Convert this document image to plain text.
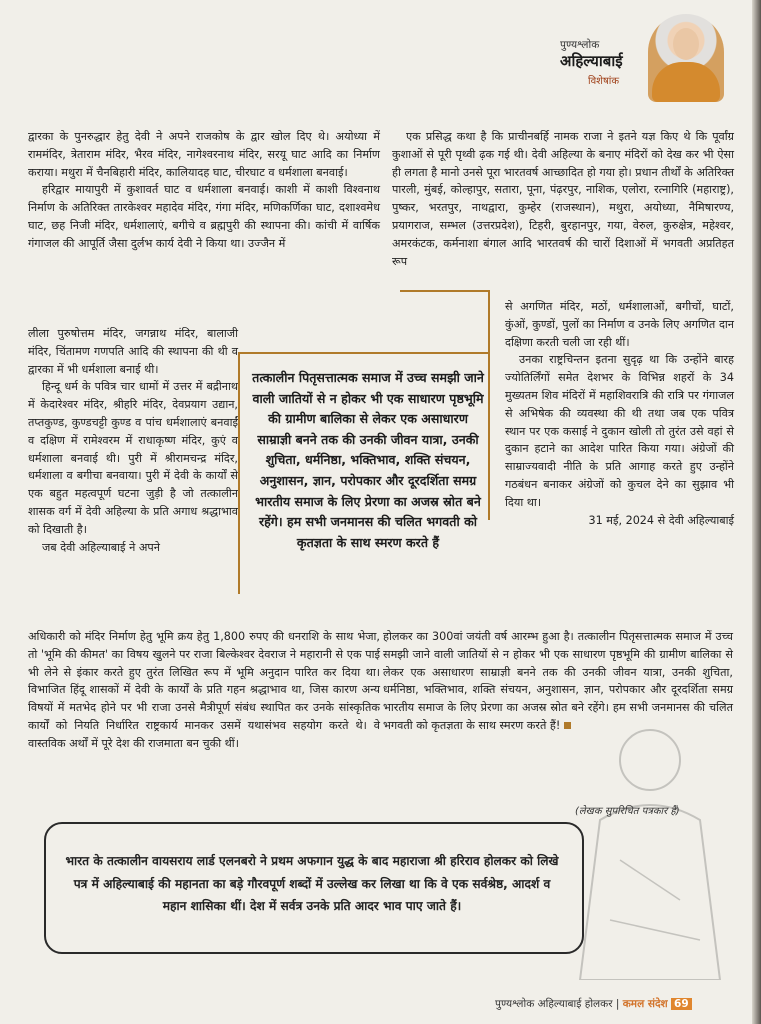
पुण्यश्लोक
अहिल्याबाई
विशेषांक

द्वारका के पुनरुद्धार हेतु देवी ने अपने राजकोष के द्वार खोल दिए थे। अयोध्या में राममंदिर, त्रेताराम मंदिर, भैरव मंदिर, नागेश्वरनाथ मंदिर, सरयू घाट आदि का निर्माण कराया। मथुरा में चैनबिहारी मंदिर, कालियादह घाट, चीरघाट व धर्मशाला बनवाई।

हरिद्वार मायापुरी में कुशावर्त घाट व धर्मशाला बनवाई। काशी में काशी विश्वनाथ निर्माण के अतिरिक्त तारकेश्वर महादेव मंदिर, गंगा मंदिर, मणिकर्णिका घाट, दशाश्वमेध घाट, छह निजी मंदिर, धर्मशालाएं, बगीचे व ब्रह्मपुरी की स्थापना की। कांची में वार्षिक गंगाजल की आपूर्ति जैसा दुर्लभ कार्य देवी ने किया था। उज्जैन में

लीला पुरुषोत्तम मंदिर, जगन्नाथ मंदिर, बालाजी मंदिर, चिंतामण गणपति आदि की स्थापना की थी व द्वारका में भी धर्मशाला बनाई थी।

हिन्दू धर्म के पवित्र चार धामों में उत्तर में बद्रीनाथ में केदारेश्वर मंदिर, श्रीहरि मंदिर, देवप्रयाग उद्यान, तप्तकुण्ड, कुण्डचट्टी कुण्ड व पांच धर्मशालाएं बनवाईं व दक्षिण में रामेश्वरम में राधाकृष्ण मंदिर, कुएं व धर्मशाला बनवाई थी। पुरी में श्रीरामचन्द्र मंदिर, धर्मशाला व बगीचा बनवाया। पुरी में देवी के कार्यों से एक बहुत महत्वपूर्ण घटना जुड़ी है जो तत्कालीन शासक वर्ग में देवी अहिल्या के प्रति अगाध श्रद्धाभाव को दिखाती है।

जब देवी अहिल्याबाई ने अपने

अधिकारी को मंदिर निर्माण हेतु भूमि क्रय हेतु 1,800 रुपए की धनराशि के साथ भेजा, तो 'भूमि की कीमत' का विषय खुलने पर राजा बिल्केश्वर देवराज ने महारानी से एक पाई भी लेने से इंकार करते हुए तुरंत लिखित रूप में भूमि अनुदान पारित कर दिया था। विभाजित हिंदू शासकों में देवी के कार्यों के प्रति गहन श्रद्धाभाव था, जिस कारण अन्य विषयों में मतभेद होने पर भी राजा उनसे मैत्रीपूर्ण संबंध स्थापित कर उनके सांस्कृतिक कार्यों को नियति निर्धारित राष्ट्रकार्य मानकर उसमें यथासंभव सहयोग करते थे। वे वास्तविक अर्थों में पूरे देश की राजमाता बन चुकी थीं।

एक प्रसिद्ध कथा है कि प्राचीनबर्हि नामक राजा ने इतने यज्ञ किए थे कि पूर्वांग्र कुशाओं से पूरी पृथ्वी ढ़क गई थी। देवी अहिल्या के बनाए मंदिरों को देख कर भी ऐसा ही लगता है मानो उनसे पूरा भारतवर्ष आच्छादित हो गया हो। प्रधान तीर्थों के अतिरिक्त पारली, मुंबई, कोल्हापुर, सतारा, पूना, पंढ़रपुर, नाशिक, एलोरा, रत्नागिरि (महाराष्ट्र), पुष्कर, भरतपुर, नाथद्वारा, कुम्हेर (राजस्थान), मथुरा, अयोध्या, नैमिषारण्य, प्रयागराज, सम्भल (उत्तरप्रदेश), टिहरी, बुरहानपुर, गया, वेरुल, कुरुक्षेत्र, महेश्वर, अमरकंटक, कर्मनाशा बंगाल आदि भारतवर्ष की चारों दिशाओं में भगवती अप्रतिहत रूप

से अगणित मंदिर, मठों, धर्मशालाओं, बगीचों, घाटों, कुंओं, कुण्डों, पुलों का निर्माण व उनके लिए अगणित दान दक्षिणा करती चली जा रही थीं।

उनका राष्ट्रचिन्तन इतना सुदृढ़ था कि उन्होंने बारह ज्योतिर्लिंगों समेत देशभर के विभिन्न शहरों के 34 मुख्यतम शिव मंदिरों में महाशिवरात्रि की रात्रि पर गंगाजल से अभिषेक की व्यवस्था की थी तथा जब एक पवित्र स्थान पर एक कसाई ने दुकान खोली तो तुरंत उसे वहां से दुकान हटाने का आदेश पारित किया गया। अंग्रेजों की साम्राज्यवादी नीति के प्रति आगाह करते हुए उन्होंने गठबंधन बनाकर अंग्रेजों को कुचल देने का सुझाव भी दिया था।

31 मई, 2024 से देवी अहिल्याबाई

होलकर का 300वां जयंती वर्ष आरम्भ हुआ है। तत्कालीन पितृसत्तात्मक समाज में उच्च समझी जाने वाली जातियों से न होकर भी एक साधारण पृष्ठभूमि की ग्रामीण बालिका से लेकर एक असाधारण साम्राज्ञी बनने तक की उनकी जीवन यात्रा, उनकी शुचिता, धर्मनिष्ठा, भक्तिभाव, शक्ति संचयन, अनुशासन, ज्ञान, परोपकार और दूरदर्शिता समग्र भारतीय समाज के लिए प्रेरणा का अजस्र स्रोत बने रहेंगे। हम सभी जनमानस की चलित भगवती को कृतज्ञता के साथ स्मरण करते हैं!

तत्कालीन पितृसत्तात्मक समाज में उच्च समझी जाने वाली जातियों से न होकर भी एक साधारण पृष्ठभूमि की ग्रामीण बालिका से लेकर एक असाधारण साम्राज्ञी बनने तक की उनकी जीवन यात्रा, उनकी शुचिता, धर्मनिष्ठा, भक्तिभाव, शक्ति संचयन, अनुशासन, ज्ञान, परोपकार और दूरदर्शिता समग्र भारतीय समाज के लिए प्रेरणा का अजस्र स्रोत बने रहेंगे। हम सभी जनमानस की चलित भगवती को कृतज्ञता के साथ स्मरण करते हैं
(लेखक सुपरिचित पत्रकार हैं)
भारत के तत्कालीन वायसराय लार्ड एलनबरो ने प्रथम अफगान युद्ध के बाद महाराजा श्री हरिराव होलकर को लिखे पत्र में अहिल्याबाई की महानता का बड़े गौरवपूर्ण शब्दों में उल्लेख कर लिखा था कि वे एक सर्वश्रेष्ठ, आदर्श व महान शासिका थीं। देश में सर्वत्र उनके प्रति आदर भाव पाए जाते हैं।
पुण्यश्लोक अहिल्याबाई होलकर | कमल संदेश 69
